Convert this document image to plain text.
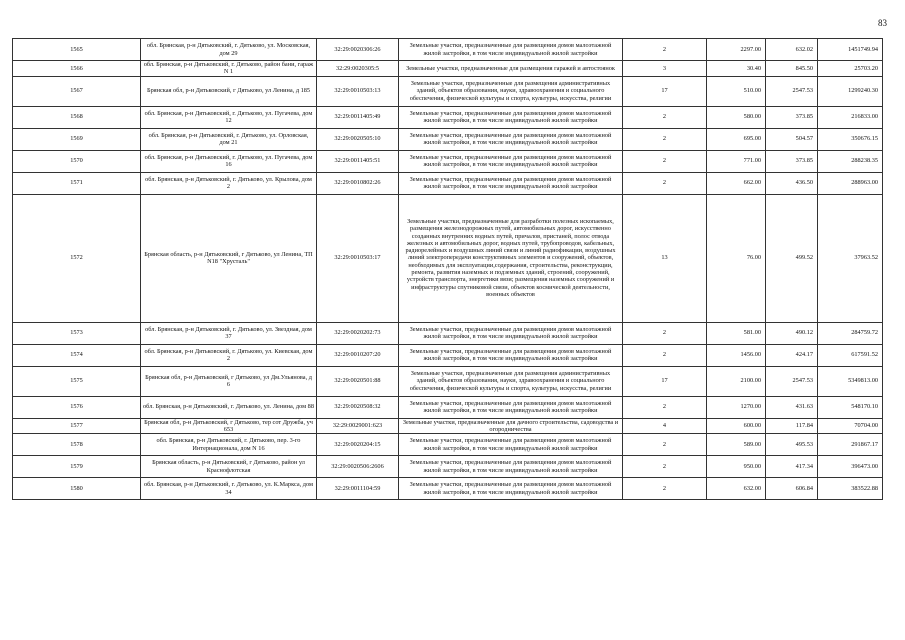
83
1565	обл. Брянская, р-н Дятьковский, г. Дятьково, ул. Московская, дом 29	32:29:0020306:26	Земельные участки, предназначенные для размещения домов малоэтажной жилой застройки, в том числе индивидуальной жилой застройки	2	2297.00	632.02	1451749.94
1566	обл. Брянская, р-н Дятьковский, г. Дятьково, район бани, гараж N 1	32:29:0020305:5	Земельные участки, предназначенные для размещения гаражей и автостоянок	3	30.40	845.50	25703.20
1567	Брянская обл, р-н Дятьковский, г Дятьково, ул Ленина, д 185	32:29:0010503:13	Земельные участки, предназначенные для размещения административных зданий, объектов образования, науки, здравоохранения и социального обеспечения, физической культуры и спорта, культуры, искусства, религии	17	510.00	2547.53	1299240.30
1568	обл. Брянская, р-н Дятьковский, г. Дятьково, ул. Пугачева, дом 12	32:29:0011405:49	Земельные участки, предназначенные для размещения домов малоэтажной жилой застройки, в том числе индивидуальной жилой застройки	2	580.00	373.85	216833.00
1569	обл. Брянская, р-н Дятьковский, г. Дятьково, ул. Орловская, дом 21	32:29:0020505:10	Земельные участки, предназначенные для размещения домов малоэтажной жилой застройки, в том числе индивидуальной жилой застройки	2	695.00	504.57	350676.15
1570	обл. Брянская, р-н Дятьковский, г. Дятьково, ул. Пугачева, дом 16	32:29:0011405:51	Земельные участки, предназначенные для размещения домов малоэтажной жилой застройки, в том числе индивидуальной жилой застройки	2	771.00	373.85	288238.35
1571	обл. Брянская, р-н Дятьковский, г. Дятьково, ул. Крылова, дом 2	32:29:0010802:26	Земельные участки, предназначенные для размещения домов малоэтажной жилой застройки, в том числе индивидуальной жилой застройки	2	662.00	436.50	288963.00
1572	Брянская область, р-н Дятьковский, г Дятьково, ул Ленина, ТП N18 "Хрусталь"	32:29:0010503:17	Земельные участки, предназначенные для разработки полезных ископаемых, размещения железнодорожных путей, автомобильных дорог, искусственно созданных внутренних водных путей, причалов, пристаней, полос отвода железных и автомобильных дорог, водных путей, трубопроводов, кабельных, радиорелейных и воздушных линий связи и линий радиофикации, воздушных линий электропередачи конструктивных элементов и сооружений, объектов, необходимых для эксплуатации,содержания, строительства, реконструкции, ремонта, развития наземных и подземных зданий, строений, сооружений, устройств транспорта, энергетики вязи; размещения наземных сооружений и инфраструктуры спутниковой связи, объектов космической деятельности, военных объектов	13	76.00	499.52	37963.52
1573	обл. Брянская, р-н Дятьковский, г. Дятьково, ул. Звездная, дом 37	32:29:0020202:73	Земельные участки, предназначенные для размещения домов малоэтажной жилой застройки, в том числе индивидуальной жилой застройки	2	581.00	490.12	284759.72
1574	обл. Брянская, р-н Дятьковский, г. Дятьково, ул. Киевская, дом 2	32:29:0010207:20	Земельные участки, предназначенные для размещения домов малоэтажной жилой застройки, в том числе индивидуальной жилой застройки	2	1456.00	424.17	617591.52
1575	Брянская обл, р-н Дятьковский, г Дятьково, ул Дм.Ульянова, д 6	32:29:0020501:88	Земельные участки, предназначенные для размещения административных зданий, объектов образования, науки, здравоохранения и социального обеспечения, физической культуры и спорта, культуры, искусства, религии	17	2100.00	2547.53	5349813.00
1576	обл. Брянская, р-н Дятьковский, г. Дятьково, ул. Ленина, дом 88	32:29:0020508:32	Земельные участки, предназначенные для размещения домов малоэтажной жилой застройки, в том числе индивидуальной жилой застройки	2	1270.00	431.63	548170.10
1577	Брянская обл, р-н Дятьковский, г Дятьково, тер сот Дружба, уч 653	32:29:0029001:623	Земельные участки, предназначенные для дачного строительства, садоводства и огородничества	4	600.00	117.84	70704.00
1578	обл. Брянская, р-н Дятьковский, г. Дятьково, пер. 3-го Интернационала, дом N 16	32:29:0020204:15	Земельные участки, предназначенные для размещения домов малоэтажной жилой застройки, в том числе индивидуальной жилой застройки	2	589.00	495.53	291867.17
1579	Брянская область, р-н Дятьковский, г Дятьково, район ул Краснофлотская	32:29:0020506:2606	Земельные участки, предназначенные для размещения домов малоэтажной жилой застройки, в том числе индивидуальной жилой застройки	2	950.00	417.34	396473.00
1580	обл. Брянская, р-н Дятьковский, г. Дятьково, ул. К.Маркса, дом 34	32:29:0011104:59	Земельные участки, предназначенные для размещения домов малоэтажной жилой застройки, в том числе индивидуальной жилой застройки	2	632.00	606.84	383522.88
